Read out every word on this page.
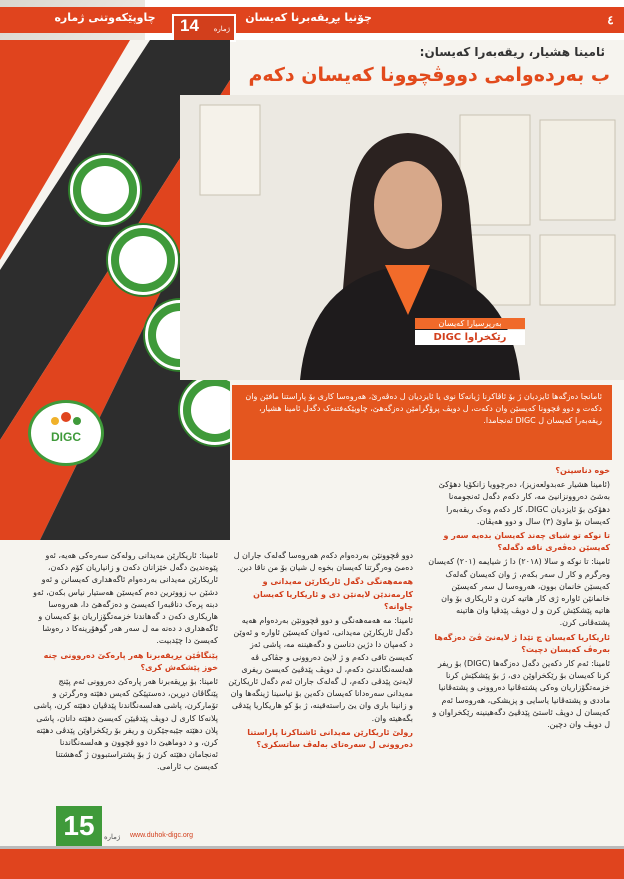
چاوپێکەوتنی ژمارە	14 ژمارە
چۆنیا بڕیقەبرنا کەیسان	٤
DIGC
ئامینا هشیار، ریقەبەرا کەیسان:
ب بەردەوامی دووڤچوونا کەیسان دکەم
بەرپرسیارا کەیسان
رێکخراوا DIGC
ئامانجا دەزگەها ئایزدیان ژ بۆ ئاڤاکرنا ژیانەکا نوی یا ئایزدیان ل دەڤەرێ، هەروەسا کاری بۆ پاراستنا مافێن وان دکەت و دوو ڤچوونا کەیسێن وان دکەت، ل دویڤ پرۆگرامێن دەزگەهێ، چاوپێکەفتنەک دگەل ئامینا هشیار، ریقەبەرا کەیسان ل DIGC ئەنجامدا.

خوە دناسینن؟

(ئامینا هشیار عەبدولعەزیز)، دەرچوویا زانکۆیا دهۆکێ بەشێ دەروونزانیێ مە، کار دکەم دگەل ئەنجومەنا دهۆکێ بۆ ئایزدیان DIGC، کار دکەم وەک ریقەبەرا کەیسان بۆ ماوێ (٣) سال و دوو هەیڤان.

تا نوکە تو شیای چەند کەیسان بدەیە سەر و کەیسێن دەڤەری ناقە دگەلە؟

ئامینا: تا نوکە و سالا (٢٠١٨) دا ژ شیایمە (٢٠١) کەیسان وەرگرم و کار ل سەر بکەم، ژ وان کەیسان گەلەک کەیسێن خانمان بوون، هەروەسا ل سەر کەیسێن خانمانێن ئاوارە ژی کار هاتیە کرن و ئاریکاری بۆ وان هاتیە پێشکێش کرن و ل دویڤ پێدڤیا وان هاتینە پشتەڤانی کرن.

ئاریکاریا کەیسان چ تێدا ژ لایەنێ ڤێ دەزگەها بەرەڤ کەیسان دچیت؟

ئامینا: ئەم کار دکەین دگەل دەزگەها (DIGC) بۆ ریفر کرنا کەیسان بۆ رێکخراوێن دی، ژ بۆ پێشکێش کرنا خزمەتگۆزاریان وەکی پشتەڤانیا دەروونی و پشتەڤانیا ماددی و پشتەڤانیا یاسایی و پزیشکی، هەروەسا ئەم کەیسان ل دویڤ ئاستێ پێدڤیێ دگەهینینە رێکخراوان و ل دویڤ وان دچین.

دوو ڤچوونێن بەردەوام دکەم هەروەسا گەلەک جاران ل دەمێ وەرگرتنا کەیسان بخوە ل شیان بۆ من ناقا دبن.

هەمەهەنگی دگەل ئاریکارێن مەیدانی و کارمەندێن لایەنێن دی و ئاریکاریا کەیسان چاوانە؟

ئامینا: مە هەمەهەنگی و دوو ڤچوونێن بەردەوام هەیە دگەل ئاریکارێن مەیدانی، ئەوان کەیسێن ئاوارە و ئەوێن د کەمپان دا دژین دناسن و دگەهیننە مە، پاشی ئەز کەیسێ تاقی دکەم و ژ لایێ دەروونی و جڤاکی ڤە هەلسەنگاندنێ دکەم، ل دویڤ پێدڤیێ کەیسێ ریفری لایەنێ پێدڤی دکەم، ل گەلەک جاران ئەم دگەل ئاریکارێن مەیدانی سەرەدانا کەیسان دکەین بۆ نیاسینا ژینگەها وان و زانینا باری وان یێ راستەقینە، ژ بۆ کو هاریکاریا پێدڤی بگەهیتە وان.

رولێ ئاریکارێن مەیدانی ئاشناکرنا پاراستنا دەروونی ل سەرەتای بەلەڤ ساتسکری؟

ئامینا: ئاریکارێن مەیدانی رولەکێ سەرەکی هەیە، ئەو پێوەندیێ دگەل خێزانان دکەن و زانیاریان کۆم دکەن، ئاریکارێن مەیدانی بەردەوام ئاگەهداری کەیسانن و ئەو دشێن ب زووترین دەم کەیسێن هەستیار نیاس بکەن، ئەو دبنە پرەک دناڤبەرا کەیسێ و دەزگەهێ دا، هەروەسا هاریکاری دکەن د گەهاندنا خزمەتگۆزاریان بۆ کەیسان و ئاگەهداری د دەنە مە ل سەر هەر گوهۆرینەکا د رەوشا کەیسێ دا چێدبیت.

پێنگاڤێن بڕیقەبرنا هەر پارەکێ دەروونی چنە خوز پێشکەش کری؟

ئامینا: بۆ بڕیقەبرنا هەر پارەکێ دەروونی ئەم پێنج پێنگاڤان دبڕین، دەستپێکێ کەیس دهێتە وەرگرتن و تۆمارکرن، پاشی هەلسەنگاندنا پێدڤیان دهێتە کرن، پاشی پلانەکا کاری ل دویڤ پێدڤیێن کەیسێ دهێتە دانان، پاشی پلان دهێتە جێبەجێکرن و ریفر بۆ رێکخراوێن پێدڤی دهێتە کرن، و د دوماهیێ دا دوو ڤچوون و هەلسەنگاندنا ئەنجامان دهێتە کرن ژ بۆ پشتراستبوون ژ گەهشتنا کەیسێ ب ئارامی.

15	ژمارە www.duhok-digc.org
